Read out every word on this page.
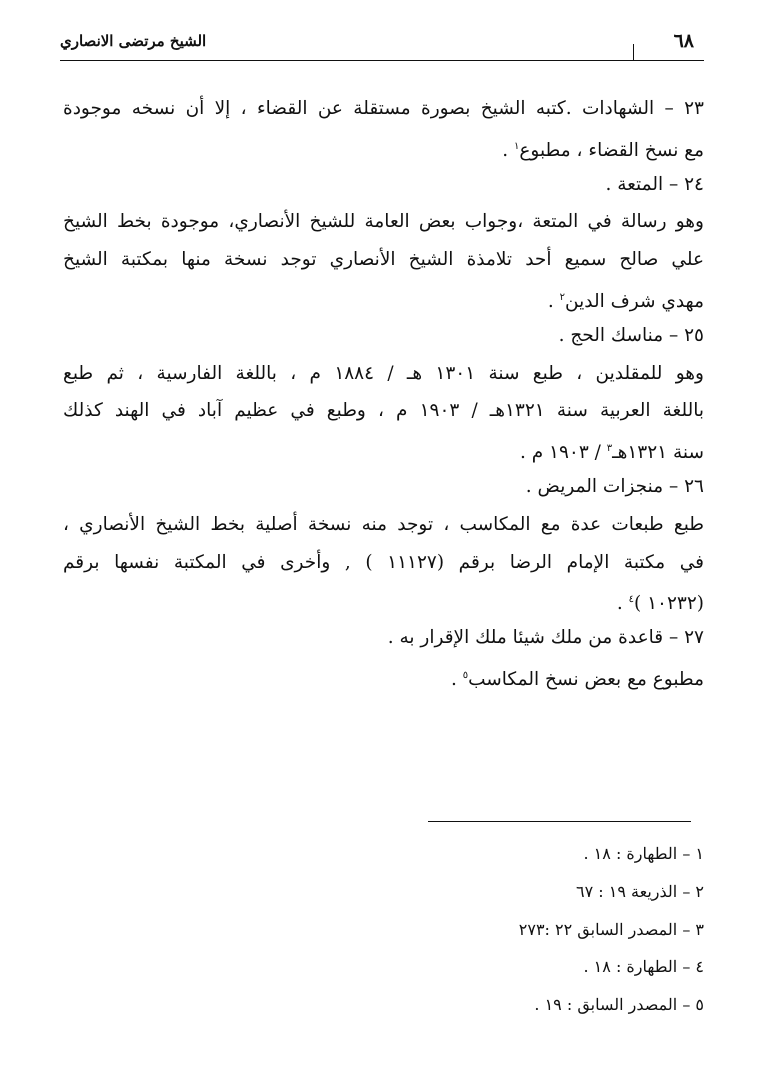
الشيخ مرتضى الانصاري	٦٨
٢٣ – الشهادات .كتبه الشيخ بصورة مستقلة عن القضاء ، إلا أن نسخه موجودة
مع نسخ القضاء ، مطبوع$^١$ .
٢٤ – المتعة .
وهو رسالة في المتعة ،وجواب بعض العامة للشيخ الأنصاري، موجودة بخط الشيخ
علي صالح سميع أحد تلامذة الشيخ الأنصاري توجد نسخة منها بمكتبة الشيخ
مهدي شرف الدين$^٢$ .
٢٥ – مناسك الحج .
وهو للمقلدين ، طبع سنة ١٣٠١ هـ / ١٨٨٤ م ، باللغة الفارسية ، ثم طبع
باللغة العربية سنة ١٣٢١هـ / ١٩٠٣ م ، وطبع في عظيم آباد في الهند كذلك
سنة ١٣٢١هـ$^٣$ / ١٩٠٣ م .
٢٦ – منجزات المريض .
طبع طبعات عدة مع المكاسب ، توجد منه نسخة أصلية بخط الشيخ الأنصاري ،
في مكتبة الإمام الرضا برقم (١١١٢٧ ) , وأخرى في المكتبة نفسها برقم
(١٠٢٣٢ )$^٤$ .
٢٧ – قاعدة من ملك شيئا ملك الإقرار به .
مطبوع مع بعض نسخ المكاسب$^٥$ .
١ – الطهارة : ١٨ .
٢ – الذريعة ١٩ : ٦٧
٣ – المصدر السابق ٢٢ :٢٧٣
٤ – الطهارة : ١٨ .
٥ – المصدر السابق : ١٩ .
